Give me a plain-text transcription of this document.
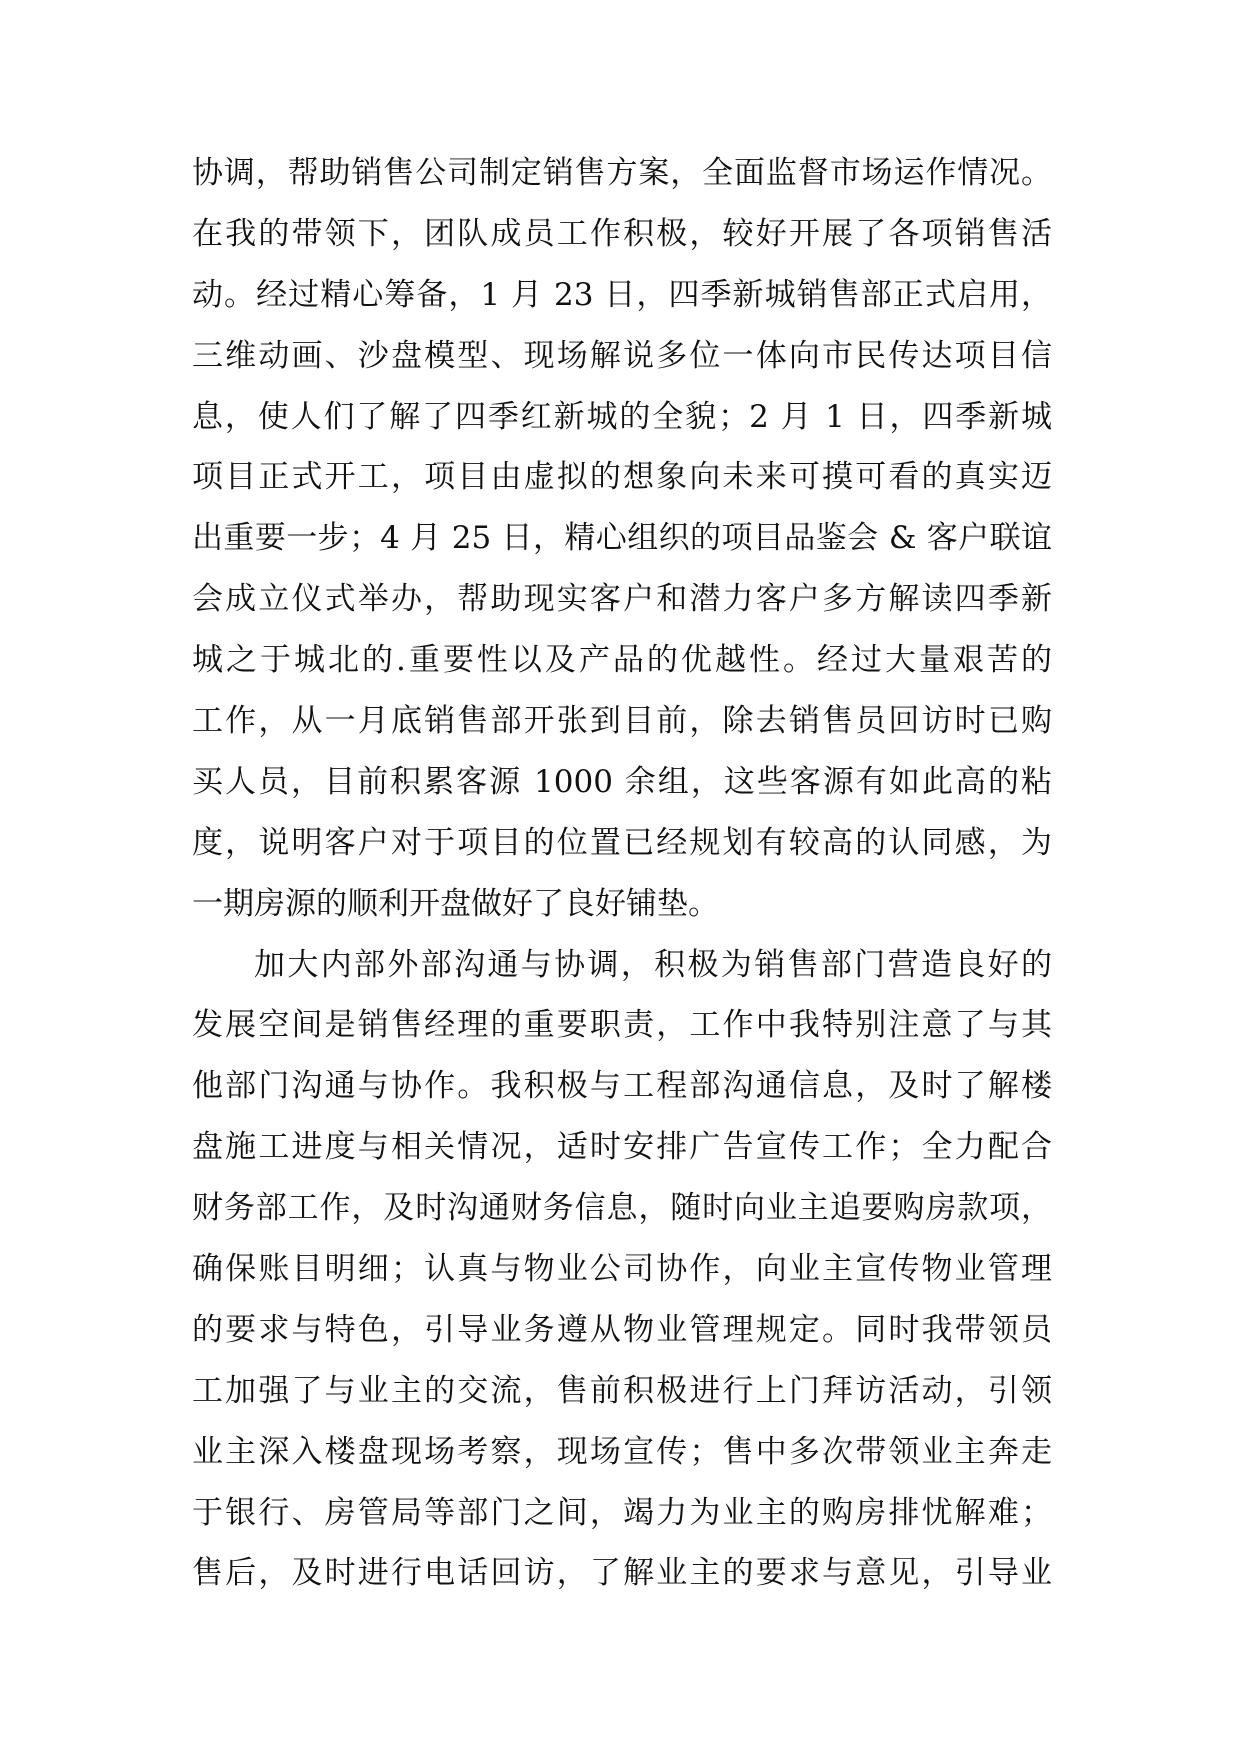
协调，帮助销售公司制定销售方案，全面监督市场运作情况。
在我的带领下，团队成员工作积极，较好开展了各项销售活
动。经过精心筹备，1 月 23 日，四季新城销售部正式启用，
三维动画、沙盘模型、现场解说多位一体向市民传达项目信
息，使人们了解了四季红新城的全貌；2 月 1 日，四季新城
项目正式开工，项目由虚拟的想象向未来可摸可看的真实迈
出重要一步；4 月 25 日，精心组织的项目品鉴会 & 客户联谊
会成立仪式举办，帮助现实客户和潜力客户多方解读四季新
城之于城北的.重要性以及产品的优越性。经过大量艰苦的
工作，从一月底销售部开张到目前，除去销售员回访时已购
买人员，目前积累客源 1000 余组，这些客源有如此高的粘
度，说明客户对于项目的位置已经规划有较高的认同感，为
一期房源的顺利开盘做好了良好铺垫。
加大内部外部沟通与协调，积极为销售部门营造良好的
发展空间是销售经理的重要职责，工作中我特别注意了与其
他部门沟通与协作。我积极与工程部沟通信息，及时了解楼
盘施工进度与相关情况，适时安排广告宣传工作；全力配合
财务部工作，及时沟通财务信息，随时向业主追要购房款项，
确保账目明细；认真与物业公司协作，向业主宣传物业管理
的要求与特色，引导业务遵从物业管理规定。同时我带领员
工加强了与业主的交流，售前积极进行上门拜访活动，引领
业主深入楼盘现场考察，现场宣传；售中多次带领业主奔走
于银行、房管局等部门之间，竭力为业主的购房排忧解难；
售后，及时进行电话回访，了解业主的要求与意见，引导业
